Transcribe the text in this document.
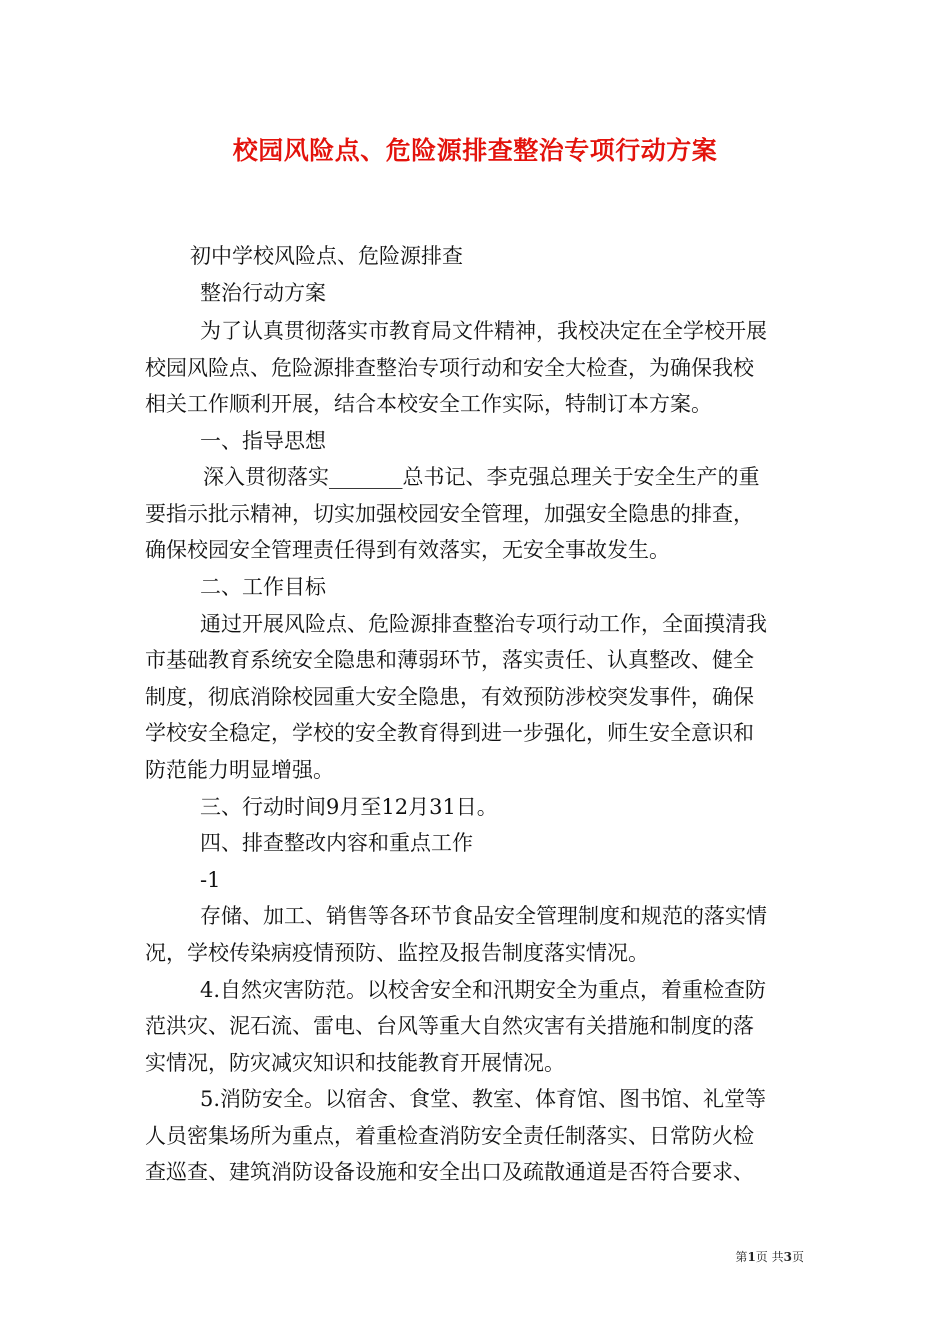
校园风险点、危险源排查整治专项行动方案

初中学校风险点、危险源排查

整治行动方案

为了认真贯彻落实市教育局文件精神，我校决定在全学校开展

校园风险点、危险源排查整治专项行动和安全大检查，为确保我校

相关工作顺利开展，结合本校安全工作实际，特制订本方案。

一、指导思想

深入贯彻落实_______总书记、李克强总理关于安全生产的重

要指示批示精神，切实加强校园安全管理，加强安全隐患的排查，

确保校园安全管理责任得到有效落实，无安全事故发生。

二、工作目标

通过开展风险点、危险源排查整治专项行动工作，全面摸清我

市基础教育系统安全隐患和薄弱环节，落实责任、认真整改、健全

制度，彻底消除校园重大安全隐患，有效预防涉校突发事件，确保

学校安全稳定，学校的安全教育得到进一步强化，师生安全意识和

防范能力明显增强。

三、行动时间9月至12月31日。

四、排查整改内容和重点工作

-1

存储、加工、销售等各环节食品安全管理制度和规范的落实情

况，学校传染病疫情预防、监控及报告制度落实情况。

4.自然灾害防范。以校舍安全和汛期安全为重点，着重检查防

范洪灾、泥石流、雷电、台风等重大自然灾害有关措施和制度的落

实情况，防灾减灾知识和技能教育开展情况。

5.消防安全。以宿舍、食堂、教室、体育馆、图书馆、礼堂等

人员密集场所为重点，着重检查消防安全责任制落实、日常防火检

查巡查、建筑消防设备设施和安全出口及疏散通道是否符合要求、

第1页 共3页
